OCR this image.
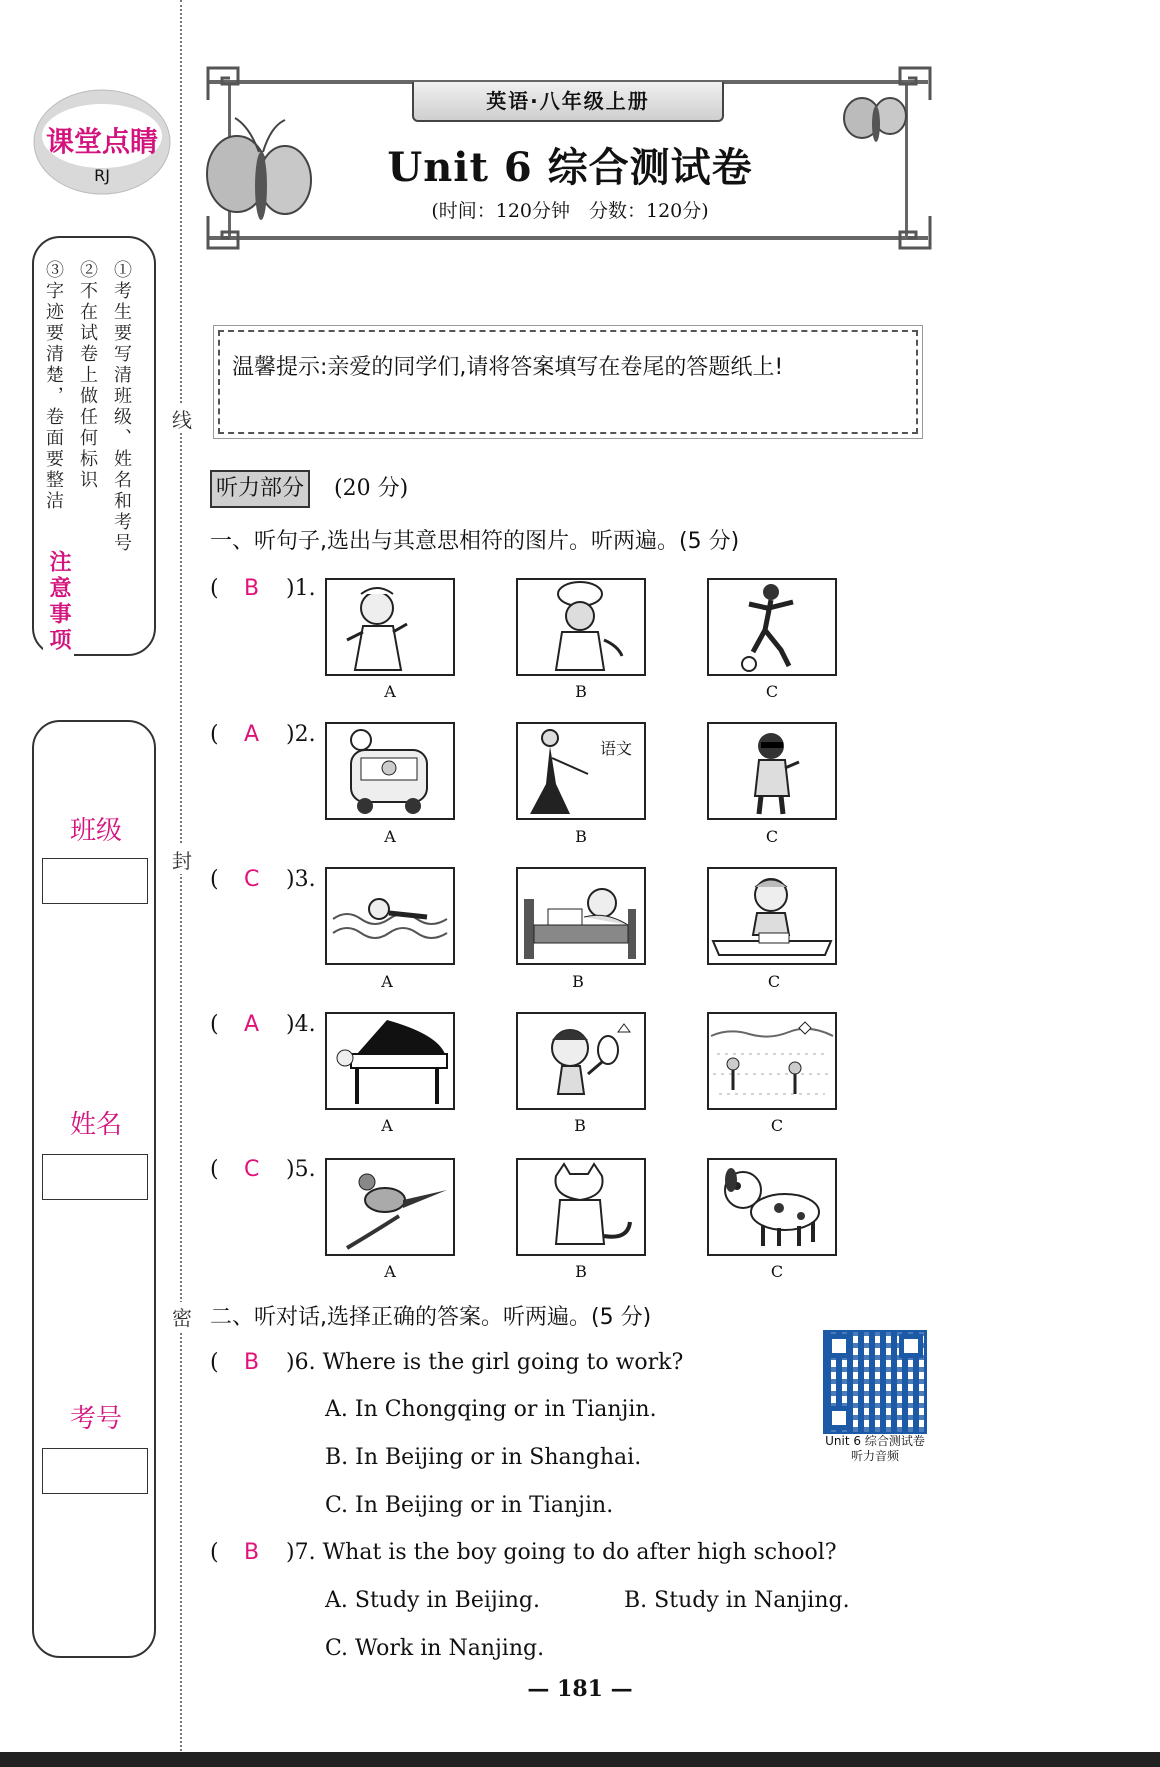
线
封
密
课堂点睛
RJ
①考生要写清班级、姓名和考号
②不在试卷上做任何标识
③字迹要清楚，卷面要整洁
注意事项
班级
姓名
考号
英语·八年级上册
Unit 6 综合测试卷
(时间：120分钟　分数：120分)
温馨提示:亲爱的同学们,请将答案填写在卷尾的答题纸上!
听力部分 (20 分)
一、听句子,选出与其意思相符的图片。听两遍。(5 分)
( B )1.
A	B	C
( A )2.
语文
A	B	C
( C )3.
A	B	C
( A )4.
A	B	C
( C )5.
A	B	C
二、听对话,选择正确的答案。听两遍。(5 分)
( B )6. Where is the girl going to work?
A. In Chongqing or in Tianjin.
B. In Beijing or in Shanghai.
C. In Beijing or in Tianjin.
( B )7. What is the boy going to do after high school?
A. Study in Beijing.	B. Study in Nanjing.
C. Work in Nanjing.
Unit 6 综合测试卷
听力音频
— 181 —
